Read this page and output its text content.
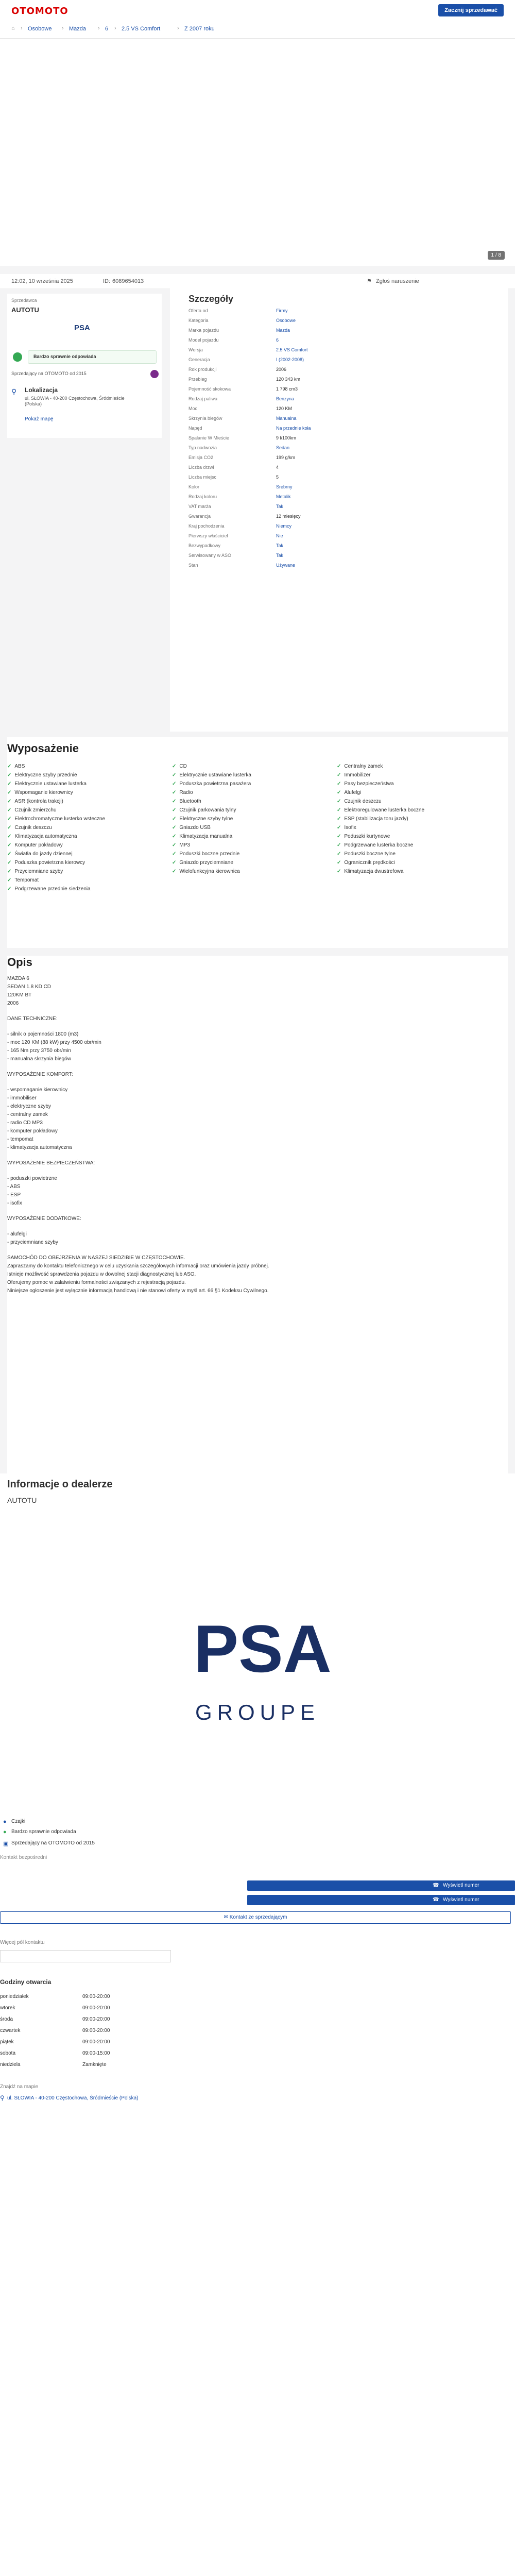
OTOMOTO	Zacznij sprzedawać
⌂ › Osobowe › Mazda › 6 › 2.5 VS Comfort	› Z 2007 roku
1 / 8
12:02, 10 września 2025	ID: 6089654013	⚑ Zgłoś naruszenie
Sprzedawca
AUTOTU
PSA
Bardzo sprawnie odpowiada
Sprzedający na OTOMOTO od 2015
⚲ Lokalizacja
ul. SŁOWIA - 40-200 Częstochowa, Śródmieście (Polska)
Pokaż mapę
Szczegóły
Oferta od	Firmy
Kategoria	Osobowe
Marka pojazdu	Mazda
Model pojazdu	6
Wersja	2.5 VS Comfort
Generacja	I (2002-2008)
Rok produkcji	2006
Przebieg	120 343 km
Pojemność skokowa	1 798 cm3
Rodzaj paliwa	Benzyna
Moc	120 KM
Skrzynia biegów	Manualna
Napęd	Na przednie koła
Spalanie W Mieście	9 l/100km
Typ nadwozia	Sedan
Emisja CO2	199 g/km
Liczba drzwi	4
Liczba miejsc	5
Kolor	Srebrny
Rodzaj koloru	Metalik
VAT marża	Tak
Gwarancja	12 miesięcy
Kraj pochodzenia	Niemcy
Pierwszy właściciel	Nie
Bezwypadkowy	Tak
Serwisowany w ASO	Tak
Stan	Używane
Wyposażenie
✓ ABS
✓ Elektryczne szyby przednie
✓ Elektrycznie ustawiane lusterka
✓ Wspomaganie kierownicy
✓ ASR (kontrola trakcji)
✓ Czujnik zmierzchu
✓ Elektrochromatyczne lusterko wsteczne
✓ Czujnik deszczu
✓ Klimatyzacja automatyczna
✓ Komputer pokładowy
✓ Światła do jazdy dziennej
✓ Poduszka powietrzna kierowcy
✓ Przyciemniane szyby
✓ Tempomat
✓ Podgrzewane przednie siedzenia
✓ CD
✓ Elektrycznie ustawiane lusterka
✓ Poduszka powietrzna pasażera
✓ Radio
✓ Bluetooth
✓ Czujnik parkowania tylny
✓ Elektryczne szyby tylne
✓ Gniazdo USB
✓ Klimatyzacja manualna
✓ MP3
✓ Poduszki boczne przednie
✓ Gniazdo przyciemniane
✓ Wielofunkcyjna kierownica
✓ Centralny zamek
✓ Immobilizer
✓ Pasy bezpieczeństwa
✓ Alufelgi
✓ Czujnik deszczu
✓ Elektroregulowane lusterka boczne
✓ ESP (stabilizacja toru jazdy)
✓ Isofix
✓ Poduszki kurtynowe
✓ Podgrzewane lusterka boczne
✓ Poduszki boczne tylne
✓ Ogranicznik prędkości
✓ Klimatyzacja dwustrefowa
Opis

MAZDA 6

SEDAN 1.8 KD CD

120KM BT

2006

DANE TECHNICZNE:

- silnik o pojemności 1800 (m3)

- moc 120 KM (88 kW) przy 4500 obr/min

- 165 Nm przy 3750 obr/min

- manualna skrzynia biegów

WYPOSAŻENIE KOMFORT:

- wspomaganie kierownicy

- immobiliser

- elektryczne szyby

- centralny zamek

- radio CD MP3

- komputer pokładowy

- tempomat

- klimatyzacja automatyczna

WYPOSAŻENIE BEZPIECZEŃSTWA:

- poduszki powietrzne

- ABS

- ESP

- isofix

WYPOSAŻENIE DODATKOWE:

- alufelgi

- przyciemniane szyby

SAMOCHÓD DO OBEJRZENIA W NASZEJ SIEDZIBIE W CZĘSTOCHOWIE.

Zapraszamy do kontaktu telefonicznego w celu uzyskania szczegółowych informacji oraz umówienia jazdy próbnej.

Istnieje możliwość sprawdzenia pojazdu w dowolnej stacji diagnostycznej lub ASO.

Oferujemy pomoc w załatwieniu formalności związanych z rejestracją pojazdu.

Niniejsze ogłoszenie jest wyłącznie informacją handlową i nie stanowi oferty w myśl art. 66 §1 Kodeksu Cywilnego.

Informacje o dealerze
AUTOTU
PSA
GROUPE
● Czajki
● Bardzo sprawnie odpowiada
▣ Sprzedający na OTOMOTO od 2015
Kontakt bezpośredni
☎ Wyświetl numer
☎ Wyświetl numer
✉ Kontakt ze sprzedającym
Więcej pól kontaktu
Godziny otwarcia
poniedziałek	09:00-20:00
wtorek	09:00-20:00
środa	09:00-20:00
czwartek	09:00-20:00
piątek	09:00-20:00
sobota	09:00-15:00
niedziela	Zamknięte
Znajdź na mapie
⚲ ul. SŁOWIA - 40-200 Częstochowa, Śródmieście (Polska)
